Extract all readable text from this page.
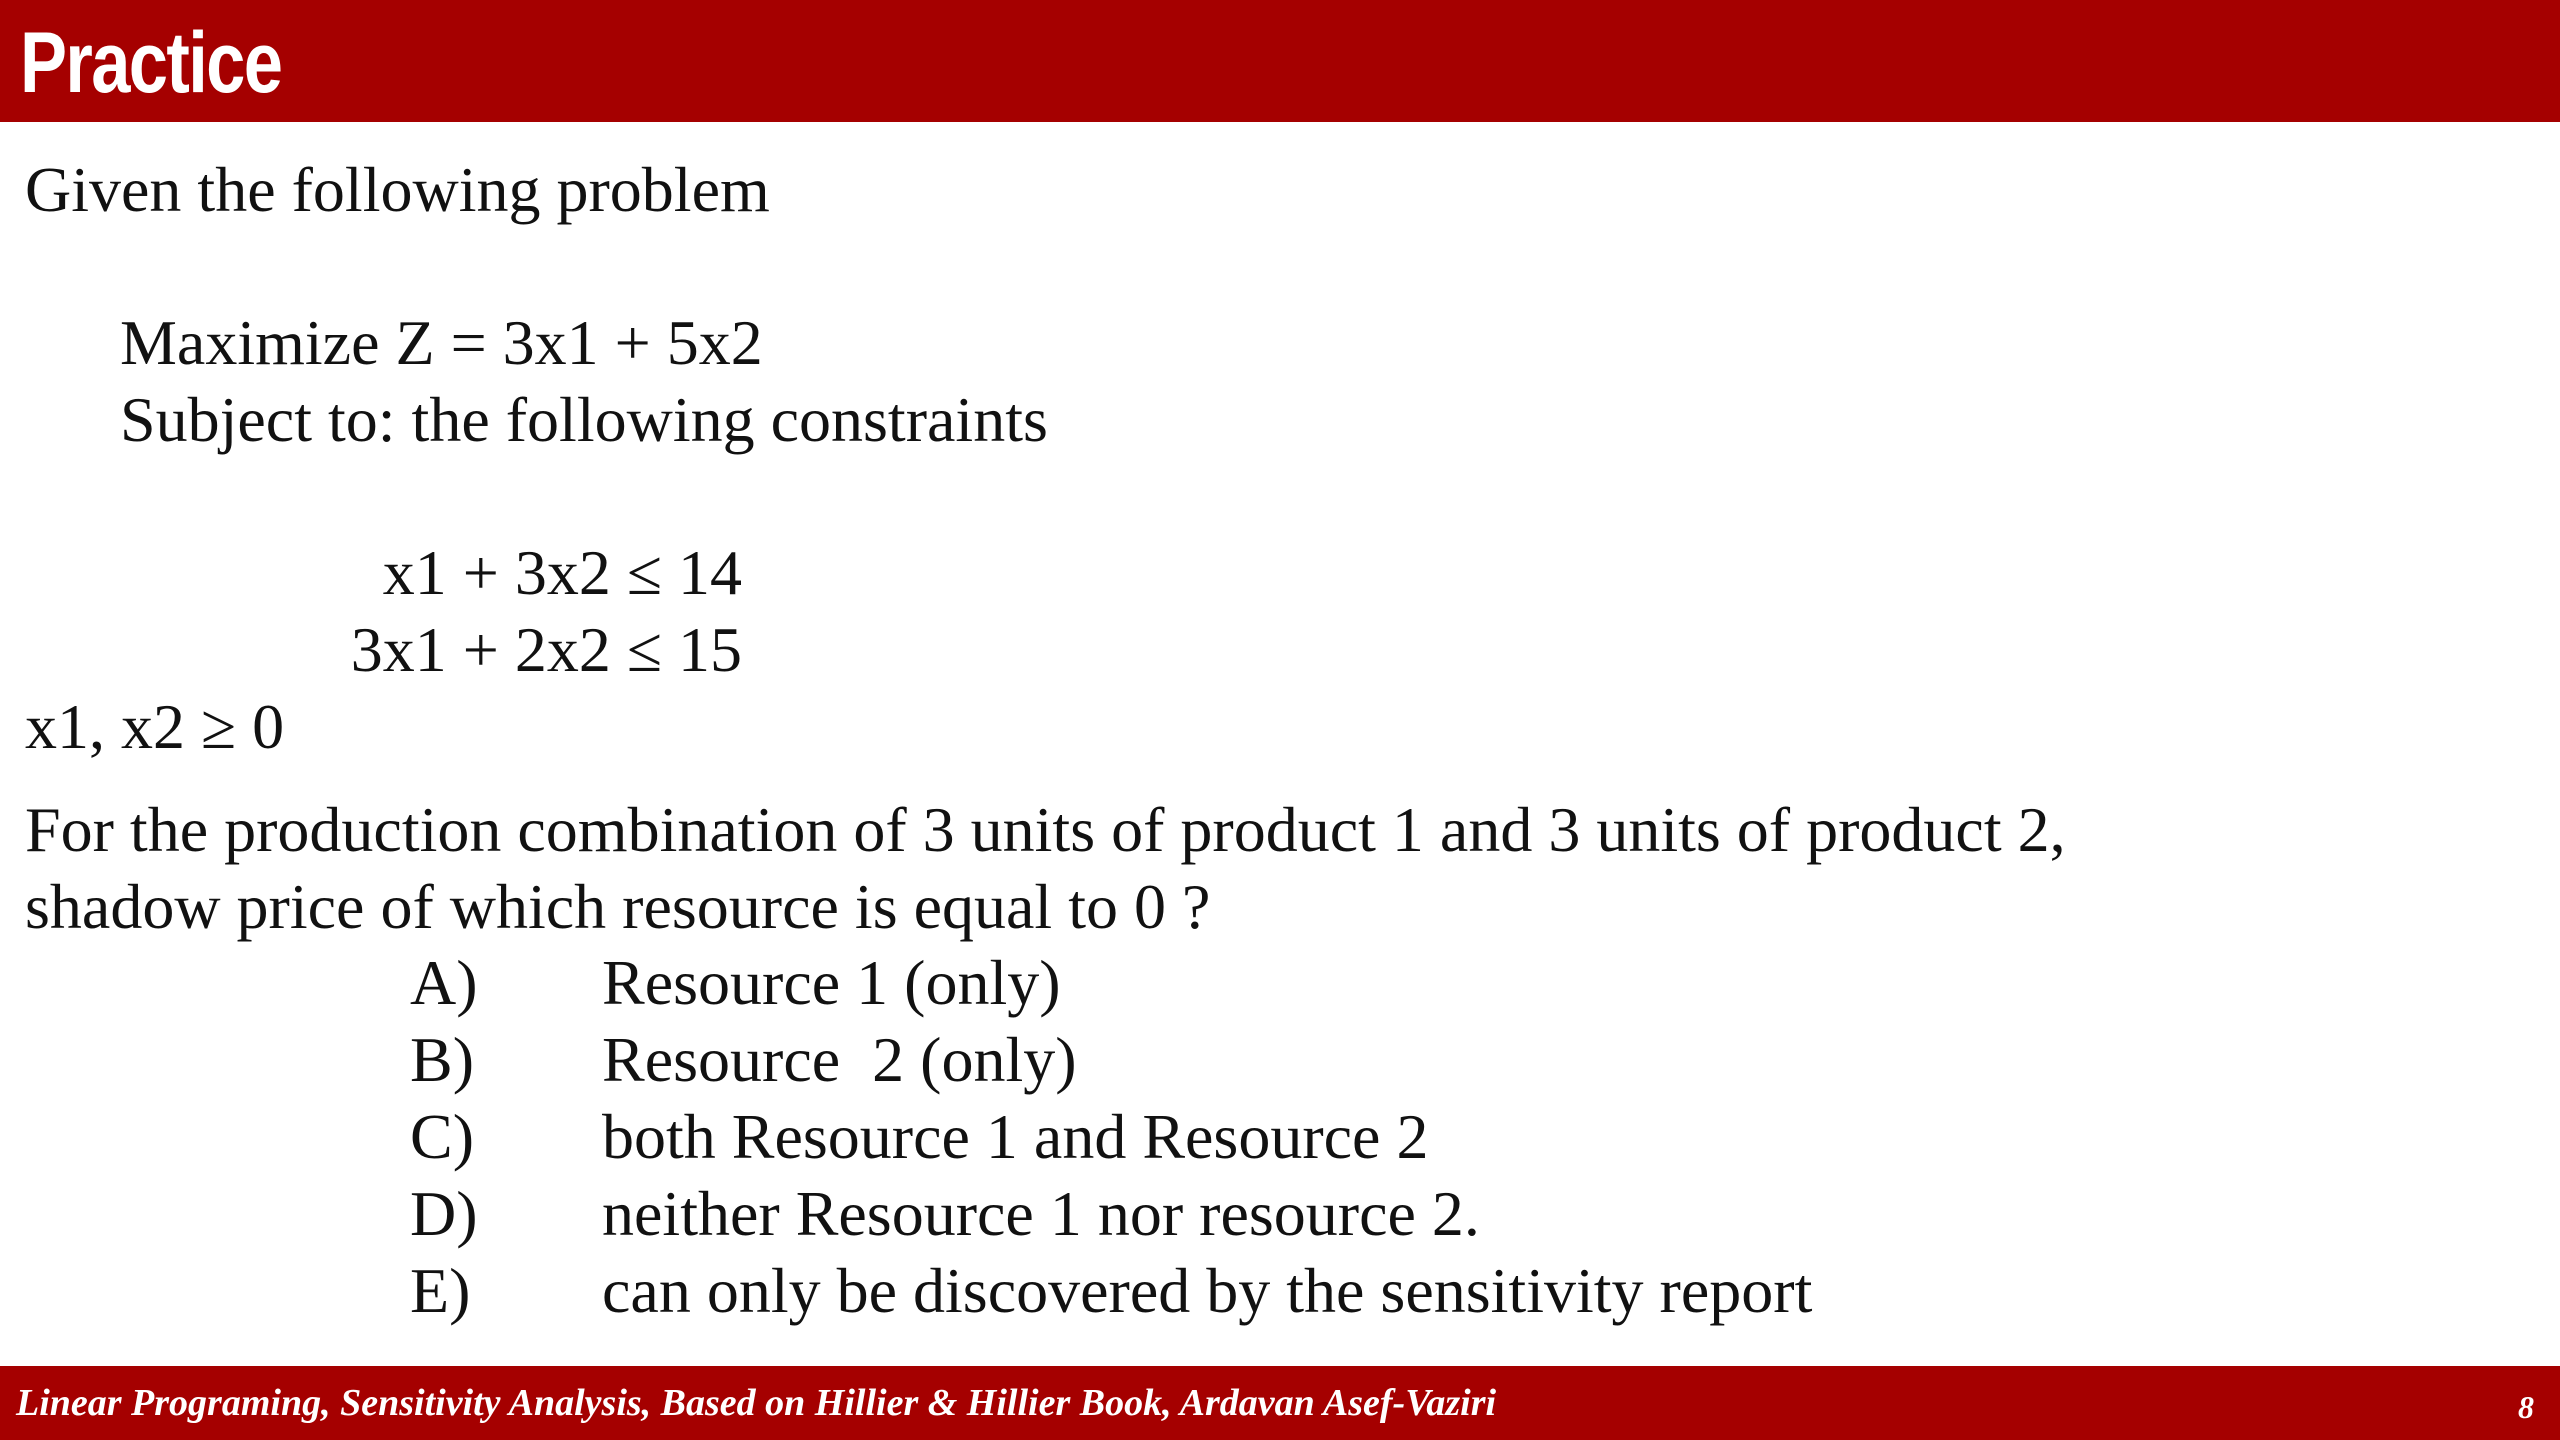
Practice
Given the following problem
Maximize Z = 3x1 + 5x2
Subject to: the following constraints
x1 + 3x2 ≤ 14
3x1 + 2x2 ≤ 15
x1, x2 ≥ 0
For the production combination of 3 units of product 1 and 3 units of product 2,
shadow price of which resource is equal to 0 ?
A) Resource 1 (only)
B) Resource  2 (only)
C) both Resource 1 and Resource 2
D) neither Resource 1 nor resource 2.
E) can only be discovered by the sensitivity report
Linear Programing, Sensitivity Analysis, Based on Hillier & Hillier Book, Ardavan Asef-Vaziri	8
